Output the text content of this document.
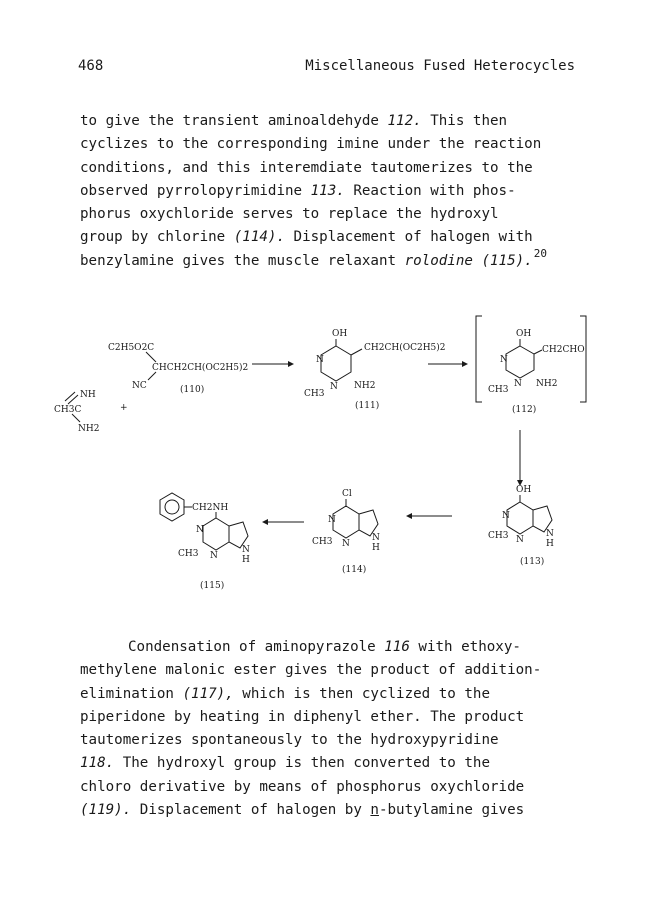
468	Miscellaneous Fused Heterocycles

to give the transient aminoaldehyde 112. This then

cyclizes to the corresponding imine under the reaction

conditions, and this interemdiate tautomerizes to the

observed pyrrolopyrimidine 113. Reaction with phos-

phorus oxychloride serves to replace the hydroxyl

group by chlorine (114). Displacement of halogen with

benzylamine gives the muscle relaxant rolodine (115).$^{20}$

C2H5O2C
CHCH2CH(OC2H5)2
NC	(110)
NH
CH3C
NH2
+
OH
CH2CH(OC2H5)2
N
N
CH3
NH2
(111)
OH
CH2CHO
N
N
CH3
NH2
(112)
OH
N
N
N
H
CH3
(113)
Cl
N
N
N
H
CH3
(114)
CH2NH
N
N
N
H
CH3
(115)

Condensation of aminopyrazole 116 with ethoxy-

methylene malonic ester gives the product of addition-

elimination (117), which is then cyclized to the

piperidone by heating in diphenyl ether. The product

tautomerizes spontaneously to the hydroxypyridine

118. The hydroxyl group is then converted to the

chloro derivative by means of phosphorus oxychloride

(119). Displacement of halogen by n-butylamine gives
